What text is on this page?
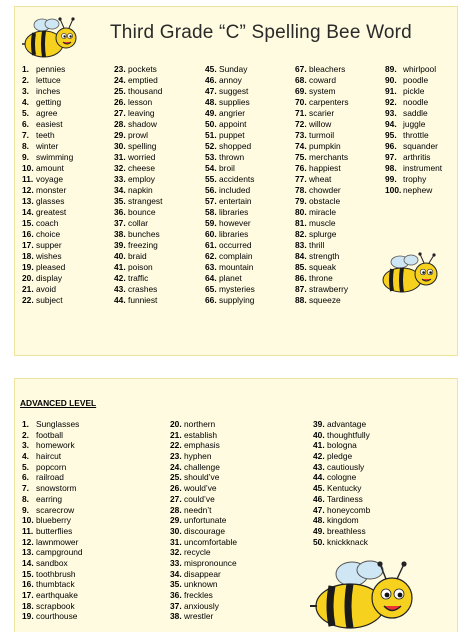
Third Grade “C” Spelling Bee Word
1. pennies
2. lettuce
3. inches
4. getting
5. agree
6. easiest
7. teeth
8. winter
9. swimming
10. amount
11. voyage
12. monster
13. glasses
14. greatest
15. coach
16. choice
17. supper
18. wishes
19. pleased
20. display
21. avoid
22. subject
23. pockets
24. emptied
25. thousand
26. lesson
27. leaving
28. shadow
29. prowl
30. spelling
31. worried
32. cheese
33. employ
34. napkin
35. strangest
36. bounce
37. collar
38. bunches
39. freezing
40. braid
41. poison
42. traffic
43. crashes
44. funniest
45. Sunday
46. annoy
47. suggest
48. supplies
49. angrier
50. appoint
51. puppet
52. shopped
53. thrown
54. broil
55. accidents
56. included
57. entertain
58. libraries
59. however
60. libraries
61. occurred
62. complain
63. mountain
64. planet
65. mysteries
66. supplying
67. bleachers
68. coward
69. system
70. carpenters
71. scarier
72. willow
73. turmoil
74. pumpkin
75. merchants
76. happiest
77. wheat
78. chowder
79. obstacle
80. miracle
81. muscle
82. splurge
83. thrill
84. strength
85. squeak
86. throne
87. strawberry
88. squeeze
89. whirlpool
90. poodle
91. pickle
92. noodle
93. saddle
94. juggle
95. throttle
96. squander
97. arthritis
98. instrument
99. trophy
100. nephew
ADVANCED LEVEL
1. Sunglasses
2. football
3. homework
4. haircut
5. popcorn
6. railroad
7. snowstorm
8. earring
9. scarecrow
10. blueberry
11. butterflies
12. lawnmower
13. campground
14. sandbox
15. toothbrush
16. thumbtack
17. earthquake
18. scrapbook
19. courthouse
20. northern
21. establish
22. emphasis
23. hyphen
24. challenge
25. should’ve
26. would’ve
27. could’ve
28. needn’t
29. unfortunate
30. discourage
31. uncomfortable
32. recycle
33. mispronounce
34. disappear
35. unknown
36. freckles
37. anxiously
38. wrestler
39. advantage
40. thoughtfully
41. bologna
42. pledge
43. cautiously
44. cologne
45. Kentucky
46. Tardiness
47. honeycomb
48. kingdom
49. breathless
50. knickknack
